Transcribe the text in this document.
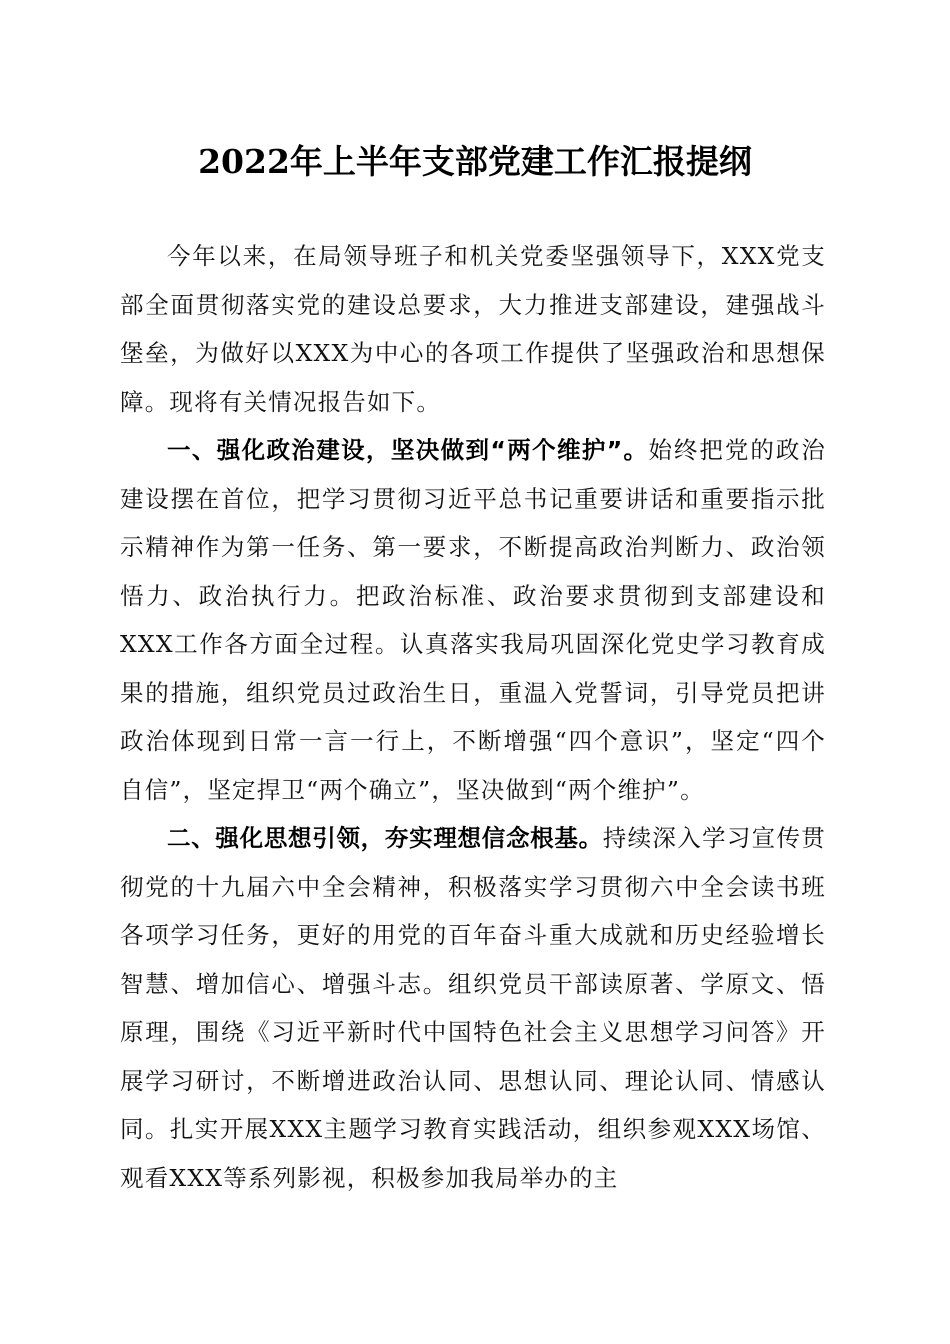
2022年上半年支部党建工作汇报提纲

今年以来，在局领导班子和机关党委坚强领导下，XXX党支部全面贯彻落实党的建设总要求，大力推进支部建设，建强战斗堡垒，为做好以XXX为中心的各项工作提供了坚强政治和思想保障。现将有关情况报告如下。

一、强化政治建设，坚决做到“两个维护”。始终把党的政治建设摆在首位，把学习贯彻习近平总书记重要讲话和重要指示批示精神作为第一任务、第一要求，不断提高政治判断力、政治领悟力、政治执行力。把政治标准、政治要求贯彻到支部建设和XXX工作各方面全过程。认真落实我局巩固深化党史学习教育成果的措施，组织党员过政治生日，重温入党誓词，引导党员把讲政治体现到日常一言一行上，不断增强“四个意识”，坚定“四个自信”，坚定捍卫“两个确立”，坚决做到“两个维护”。

二、强化思想引领，夯实理想信念根基。持续深入学习宣传贯彻党的十九届六中全会精神，积极落实学习贯彻六中全会读书班各项学习任务，更好的用党的百年奋斗重大成就和历史经验增长智慧、增加信心、增强斗志。组织党员干部读原著、学原文、悟原理，围绕《习近平新时代中国特色社会主义思想学习问答》开展学习研讨，不断增进政治认同、思想认同、理论认同、情感认同。扎实开展XXX主题学习教育实践活动，组织参观XXX场馆、观看XXX等系列影视，积极参加我局举办的主
